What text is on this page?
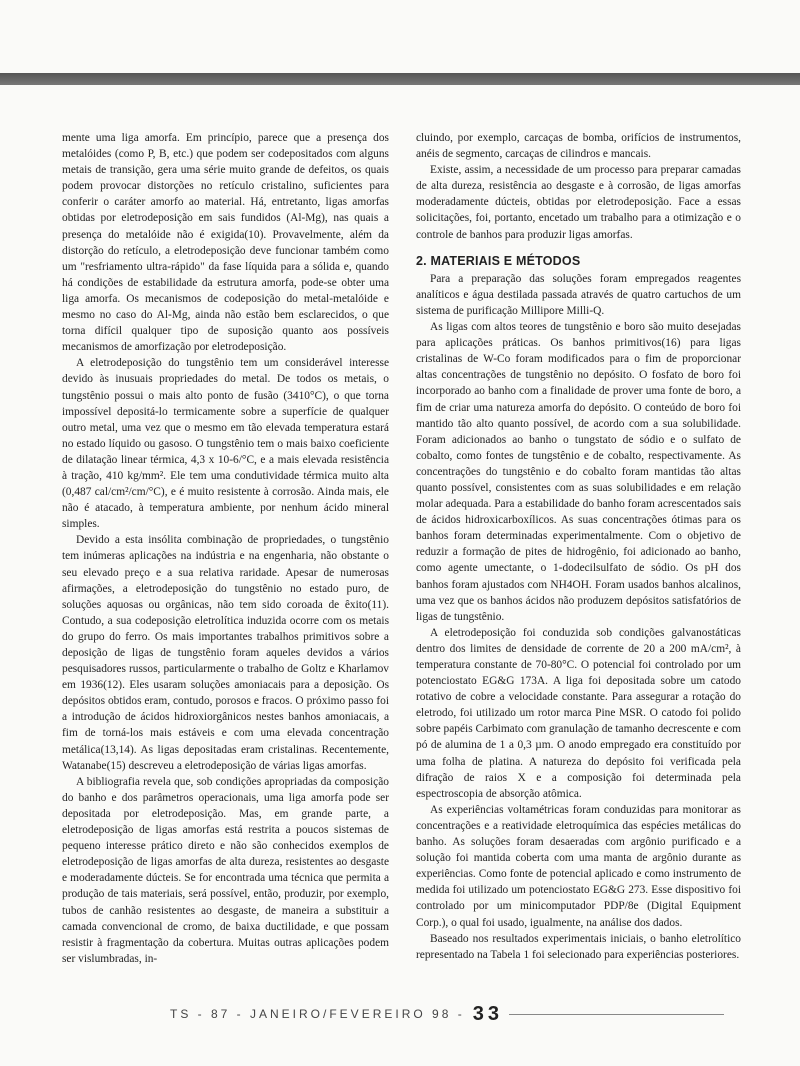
mente uma liga amorfa. Em princípio, parece que a presença dos metalóides (como P, B, etc.) que podem ser codepositados com alguns metais de transição, gera uma série muito grande de defeitos, os quais podem provocar distorções no retículo cristalino, suficientes para conferir o caráter amorfo ao material. Há, entretanto, ligas amorfas obtidas por eletrodeposição em sais fundidos (Al-Mg), nas quais a presença do metalóide não é exigida(10). Provavelmente, além da distorção do retículo, a eletrodeposição deve funcionar também como um "resfriamento ultra-rápido" da fase líquida para a sólida e, quando há condições de estabilidade da estrutura amorfa, pode-se obter uma liga amorfa. Os mecanismos de codeposição do metal-metalóide e mesmo no caso do Al-Mg, ainda não estão bem esclarecidos, o que torna difícil qualquer tipo de suposição quanto aos possíveis mecanismos de amorfização por eletrodeposição.

A eletrodeposição do tungstênio tem um considerável interesse devido às inusuais propriedades do metal. De todos os metais, o tungstênio possui o mais alto ponto de fusão (3410°C), o que torna impossível depositá-lo termicamente sobre a superfície de qualquer outro metal, uma vez que o mesmo em tão elevada temperatura estará no estado líquido ou gasoso. O tungstênio tem o mais baixo coeficiente de dilatação linear térmica, 4,3 x 10-6/°C, e a mais elevada resistência à tração, 410 kg/mm². Ele tem uma condutividade térmica muito alta (0,487 cal/cm²/cm/°C), e é muito resistente à corrosão. Ainda mais, ele não é atacado, à temperatura ambiente, por nenhum ácido mineral simples.

Devido a esta insólita combinação de propriedades, o tungstênio tem inúmeras aplicações na indústria e na engenharia, não obstante o seu elevado preço e a sua relativa raridade. Apesar de numerosas afirmações, a eletrodeposição do tungstênio no estado puro, de soluções aquosas ou orgânicas, não tem sido coroada de êxito(11). Contudo, a sua codeposição eletrolítica induzida ocorre com os metais do grupo do ferro. Os mais importantes trabalhos primitivos sobre a deposição de ligas de tungstênio foram aqueles devidos a vários pesquisadores russos, particularmente o trabalho de Goltz e Kharlamov em 1936(12). Eles usaram soluções amoniacais para a deposição. Os depósitos obtidos eram, contudo, porosos e fracos. O próximo passo foi a introdução de ácidos hidroxiorgânicos nestes banhos amoniacais, a fim de torná-los mais estáveis e com uma elevada concentração metálica(13,14). As ligas depositadas eram cristalinas. Recentemente, Watanabe(15) descreveu a eletrodeposição de várias ligas amorfas.

A bibliografia revela que, sob condições apropriadas da composição do banho e dos parâmetros operacionais, uma liga amorfa pode ser depositada por eletrodeposição. Mas, em grande parte, a eletrodeposição de ligas amorfas está restrita a poucos sistemas de pequeno interesse prático direto e não são conhecidos exemplos de eletrodeposição de ligas amorfas de alta dureza, resistentes ao desgaste e moderadamente dúcteis. Se for encontrada uma técnica que permita a produção de tais materiais, será possível, então, produzir, por exemplo, tubos de canhão resistentes ao desgaste, de maneira a substituir a camada convencional de cromo, de baixa ductilidade, e que possam resistir à fragmentação da cobertura. Muitas outras aplicações podem ser vislumbradas, in-

cluindo, por exemplo, carcaças de bomba, orifícios de instrumentos, anéis de segmento, carcaças de cilindros e mancais.

Existe, assim, a necessidade de um processo para preparar camadas de alta dureza, resistência ao desgaste e à corrosão, de ligas amorfas moderadamente dúcteis, obtidas por eletrodeposição. Face a essas solicitações, foi, portanto, encetado um trabalho para a otimização e o controle de banhos para produzir ligas amorfas.

2. MATERIAIS E MÉTODOS

Para a preparação das soluções foram empregados reagentes analíticos e água destilada passada através de quatro cartuchos de um sistema de purificação Millipore Milli-Q.

As ligas com altos teores de tungstênio e boro são muito desejadas para aplicações práticas. Os banhos primitivos(16) para ligas cristalinas de W-Co foram modificados para o fim de proporcionar altas concentrações de tungstênio no depósito. O fosfato de boro foi incorporado ao banho com a finalidade de prover uma fonte de boro, a fim de criar uma natureza amorfa do depósito. O conteúdo de boro foi mantido tão alto quanto possível, de acordo com a sua solubilidade. Foram adicionados ao banho o tungstato de sódio e o sulfato de cobalto, como fontes de tungstênio e de cobalto, respectivamente. As concentrações do tungstênio e do cobalto foram mantidas tão altas quanto possível, consistentes com as suas solubilidades e em relação molar adequada. Para a estabilidade do banho foram acrescentados sais de ácidos hidroxicarboxílicos. As suas concentrações ótimas para os banhos foram determinadas experimentalmente. Com o objetivo de reduzir a formação de pites de hidrogênio, foi adicionado ao banho, como agente umectante, o 1-dodecilsulfato de sódio. Os pH dos banhos foram ajustados com NH4OH. Foram usados banhos alcalinos, uma vez que os banhos ácidos não produzem depósitos satisfatórios de ligas de tungstênio.

A eletrodeposição foi conduzida sob condições galvanostáticas dentro dos limites de densidade de corrente de 20 a 200 mA/cm², à temperatura constante de 70-80°C. O potencial foi controlado por um potenciostato EG&G 173A. A liga foi depositada sobre um catodo rotativo de cobre a velocidade constante. Para assegurar a rotação do eletrodo, foi utilizado um rotor marca Pine MSR. O catodo foi polido sobre papéis Carbimato com granulação de tamanho decrescente e com pó de alumina de 1 a 0,3 µm. O anodo empregado era constituído por uma folha de platina. A natureza do depósito foi verificada pela difração de raios X e a composição foi determinada pela espectroscopia de absorção atômica.

As experiências voltamétricas foram conduzidas para monitorar as concentrações e a reatividade eletroquímica das espécies metálicas do banho. As soluções foram desaeradas com argônio purificado e a solução foi mantida coberta com uma manta de argônio durante as experiências. Como fonte de potencial aplicado e como instrumento de medida foi utilizado um potenciostato EG&G 273. Esse dispositivo foi controlado por um minicomputador PDP/8e (Digital Equipment Corp.), o qual foi usado, igualmente, na análise dos dados.

Baseado nos resultados experimentais iniciais, o banho eletrolítico representado na Tabela 1 foi selecionado para experiências posteriores.

TS - 87 - JANEIRO/FEVEREIRO 98 - 33
